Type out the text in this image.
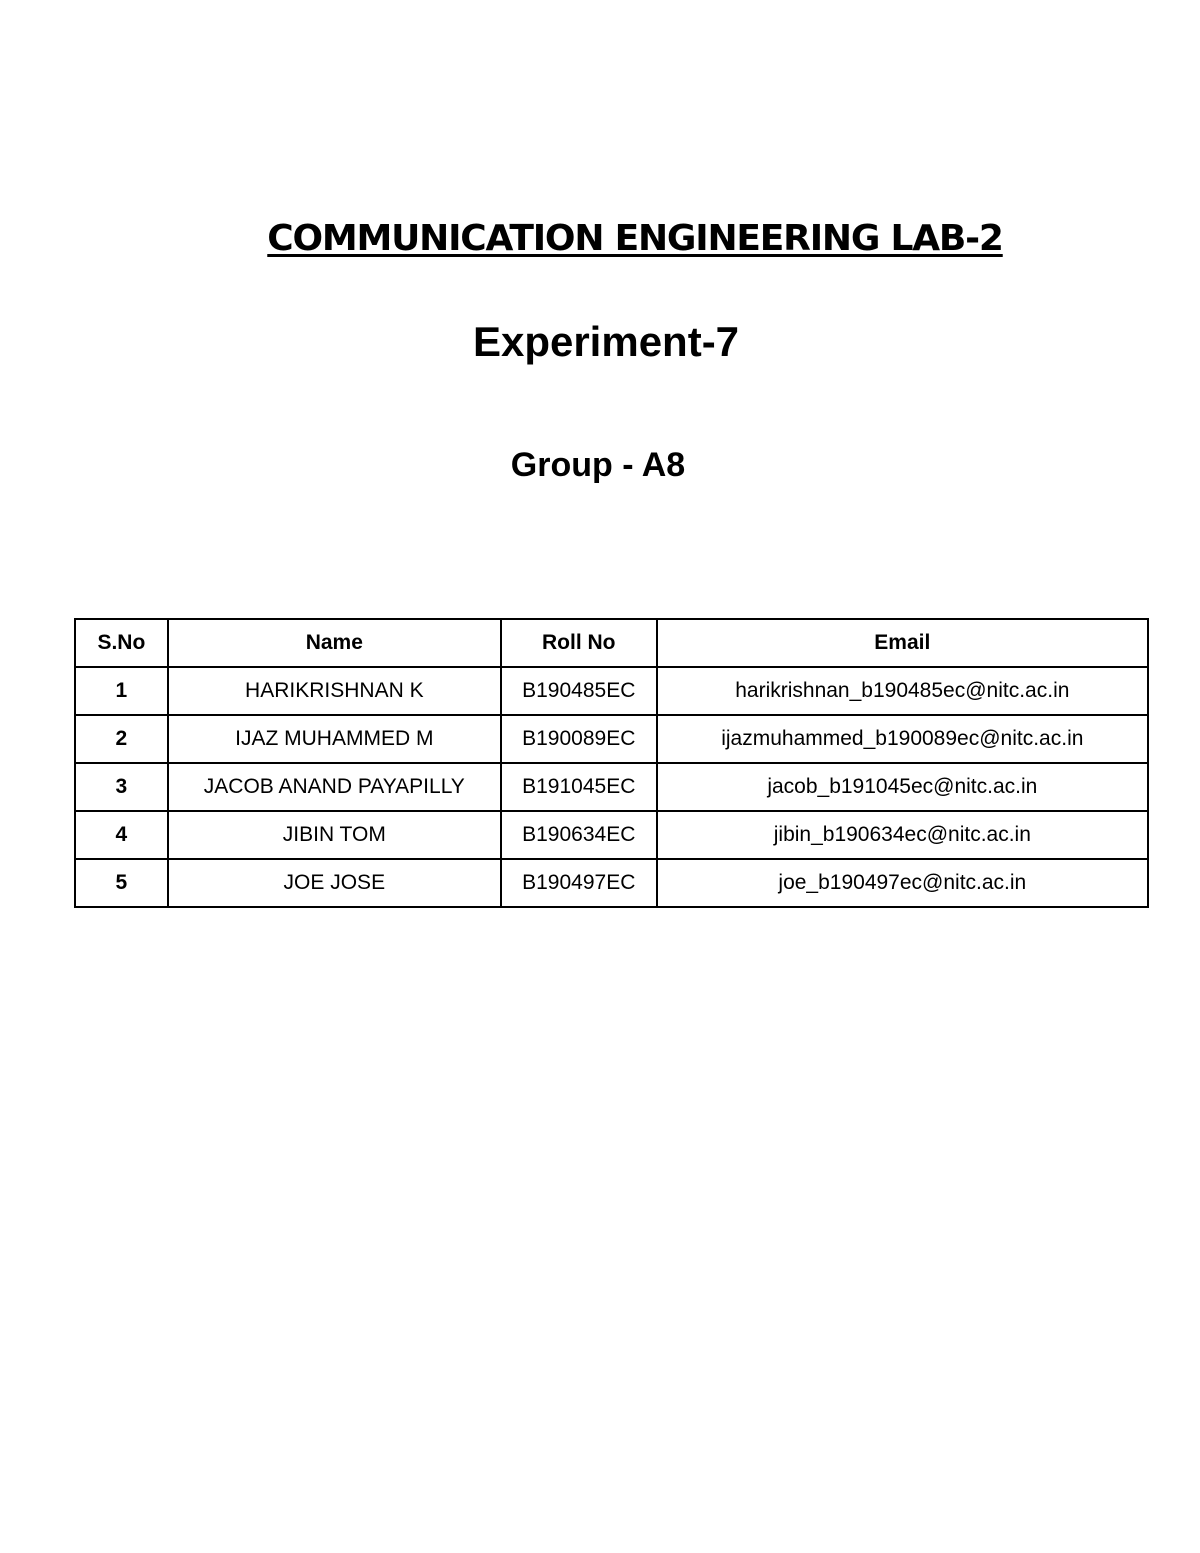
COMMUNICATION ENGINEERING LAB-2
Experiment-7
Group - A8
S.No	Name	Roll No	Email
1	HARIKRISHNAN K	B190485EC	harikrishnan_b190485ec@nitc.ac.in
2	IJAZ MUHAMMED M	B190089EC	ijazmuhammed_b190089ec@nitc.ac.in
3	JACOB ANAND PAYAPILLY	B191045EC	jacob_b191045ec@nitc.ac.in
4	JIBIN TOM	B190634EC	jibin_b190634ec@nitc.ac.in
5	JOE JOSE	B190497EC	joe_b190497ec@nitc.ac.in
